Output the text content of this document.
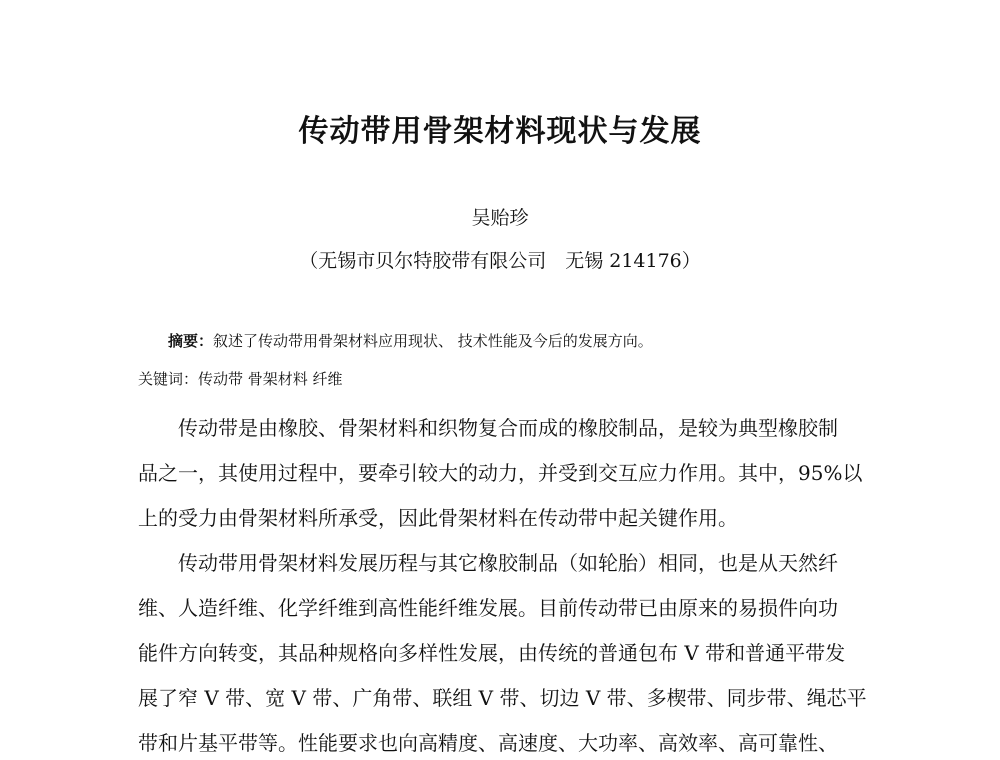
传动带用骨架材料现状与发展
吴贻珍
（无锡市贝尔特胶带有限公司　无锡 214176）
摘要：叙述了传动带用骨架材料应用现状、 技术性能及今后的发展方向。
关键词：传动带 骨架材料 纤维
传动带是由橡胶、骨架材料和织物复合而成的橡胶制品，是较为典型橡胶制
品之一，其使用过程中，要牵引较大的动力，并受到交互应力作用。其中，95%以
上的受力由骨架材料所承受，因此骨架材料在传动带中起关键作用。
传动带用骨架材料发展历程与其它橡胶制品（如轮胎）相同，也是从天然纤
维、人造纤维、化学纤维到高性能纤维发展。目前传动带已由原来的易损件向功
能件方向转变，其品种规格向多样性发展，由传统的普通包布 V 带和普通平带发
展了窄 V 带、宽 V 带、广角带、联组 V 带、切边 V 带、多楔带、同步带、绳芯平
带和片基平带等。性能要求也向高精度、高速度、大功率、高效率、高可靠性、
